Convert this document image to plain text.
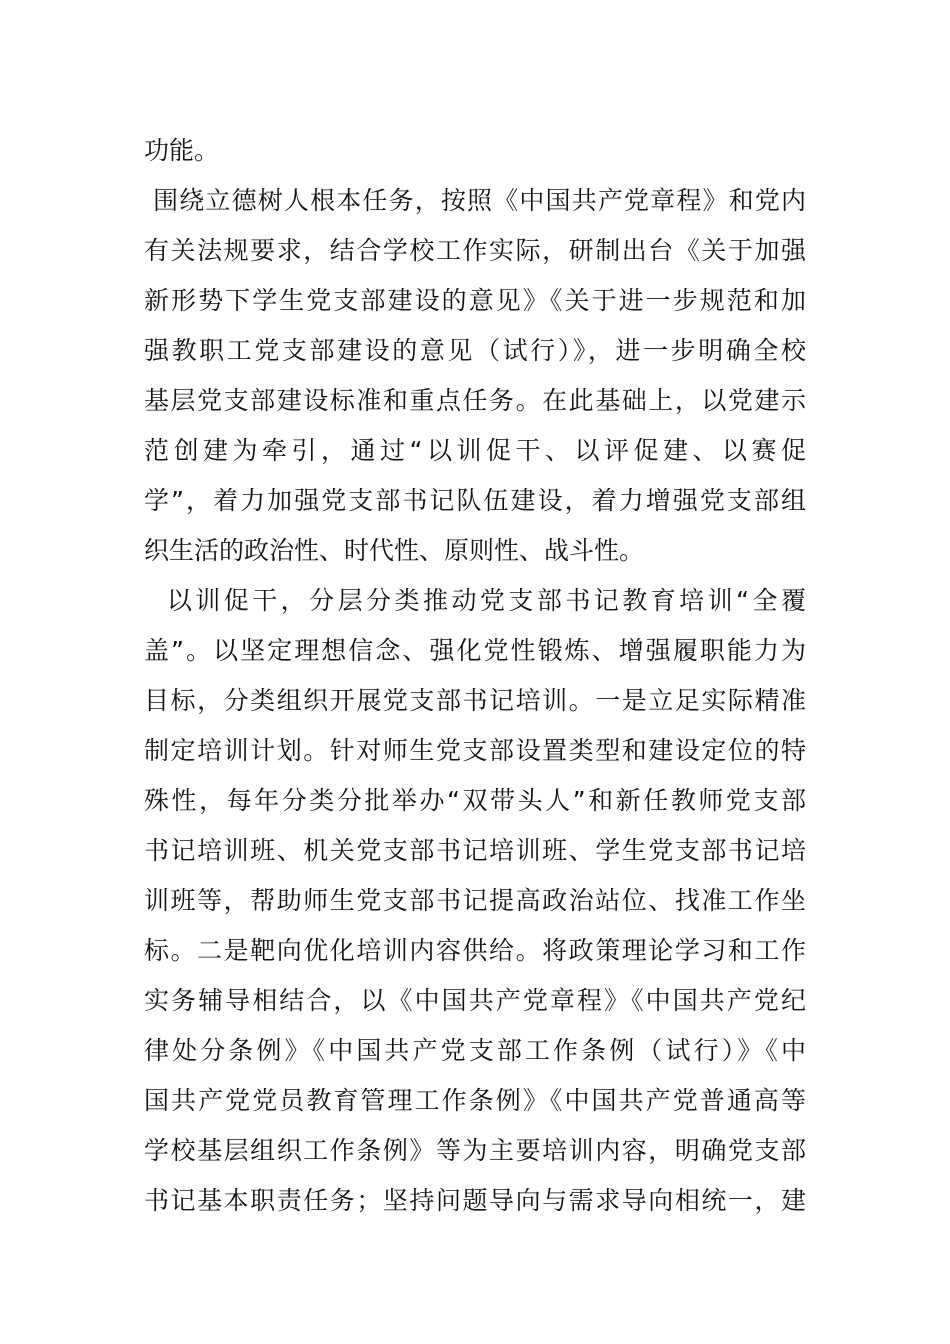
功能。
围绕立德树人根本任务，按照《中国共产党章程》和党内
有关法规要求，结合学校工作实际，研制出台《关于加强
新形势下学生党支部建设的意见》《关于进一步规范和加
强教职工党支部建设的意见（试行）》，进一步明确全校
基层党支部建设标准和重点任务。在此基础上，以党建示
范创建为牵引，通过“以训促干、以评促建、以赛促
学”，着力加强党支部书记队伍建设，着力增强党支部组
织生活的政治性、时代性、原则性、战斗性。
以训促干，分层分类推动党支部书记教育培训“全覆
盖”。以坚定理想信念、强化党性锻炼、增强履职能力为
目标，分类组织开展党支部书记培训。一是立足实际精准
制定培训计划。针对师生党支部设置类型和建设定位的特
殊性，每年分类分批举办“双带头人”和新任教师党支部
书记培训班、机关党支部书记培训班、学生党支部书记培
训班等，帮助师生党支部书记提高政治站位、找准工作坐
标。二是靶向优化培训内容供给。将政策理论学习和工作
实务辅导相结合，以《中国共产党章程》《中国共产党纪
律处分条例》《中国共产党支部工作条例（试行）》《中
国共产党党员教育管理工作条例》《中国共产党普通高等
学校基层组织工作条例》等为主要培训内容，明确党支部
书记基本职责任务；坚持问题导向与需求导向相统一，建
